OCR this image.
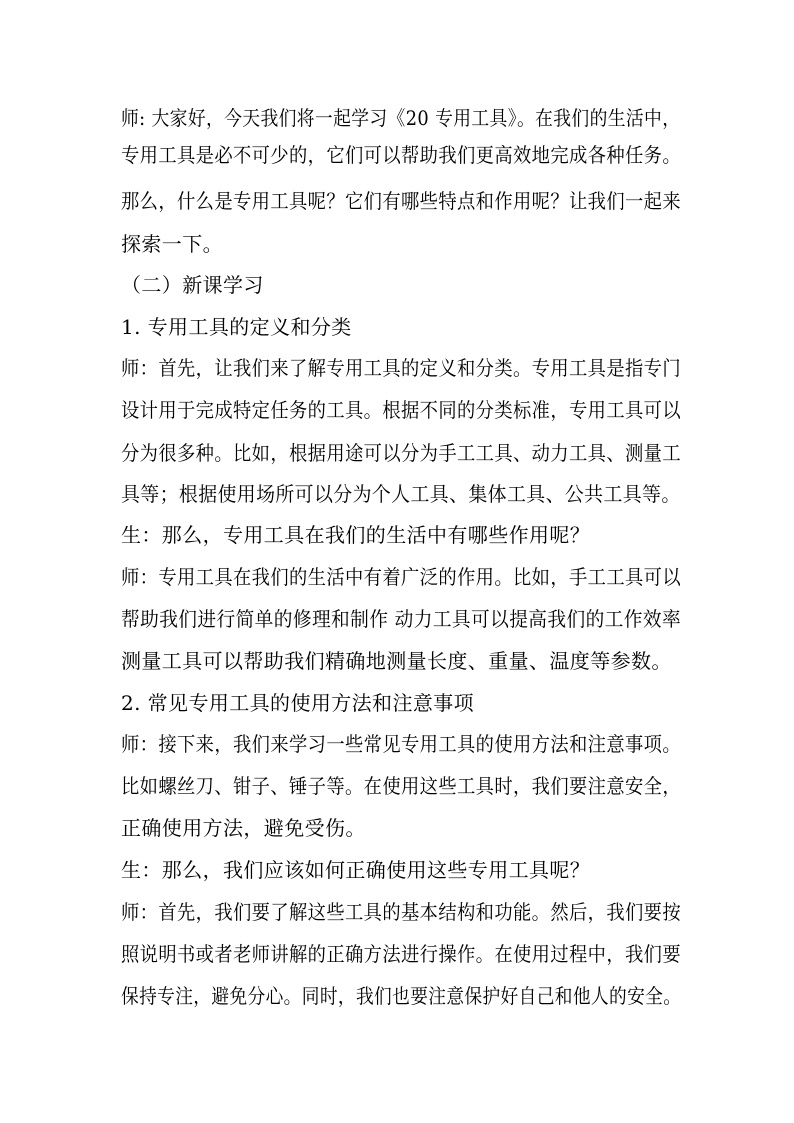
师: 大家好，今天我们将一起学习《20 专用工具》。在我们的生活中，
专用工具是必不可少的，它们可以帮助我们更高效地完成各种任务。
那么，什么是专用工具呢？它们有哪些特点和作用呢？让我们一起来
探索一下。
（二）新课学习
1. 专用工具的定义和分类
师：首先，让我们来了解专用工具的定义和分类。专用工具是指专门
设计用于完成特定任务的工具。根据不同的分类标准，专用工具可以
分为很多种。比如，根据用途可以分为手工工具、动力工具、测量工
具等；根据使用场所可以分为个人工具、集体工具、公共工具等。
生：那么，专用工具在我们的生活中有哪些作用呢？
师：专用工具在我们的生活中有着广泛的作用。比如，手工工具可以
帮助我们进行简单的修理和制作 动力工具可以提高我们的工作效率
测量工具可以帮助我们精确地测量长度、重量、温度等参数。
2. 常见专用工具的使用方法和注意事项
师：接下来，我们来学习一些常见专用工具的使用方法和注意事项。
比如螺丝刀、钳子、锤子等。在使用这些工具时，我们要注意安全，
正确使用方法，避免受伤。
生：那么，我们应该如何正确使用这些专用工具呢？
师：首先，我们要了解这些工具的基本结构和功能。然后，我们要按
照说明书或者老师讲解的正确方法进行操作。在使用过程中，我们要
保持专注，避免分心。同时，我们也要注意保护好自己和他人的安全。
